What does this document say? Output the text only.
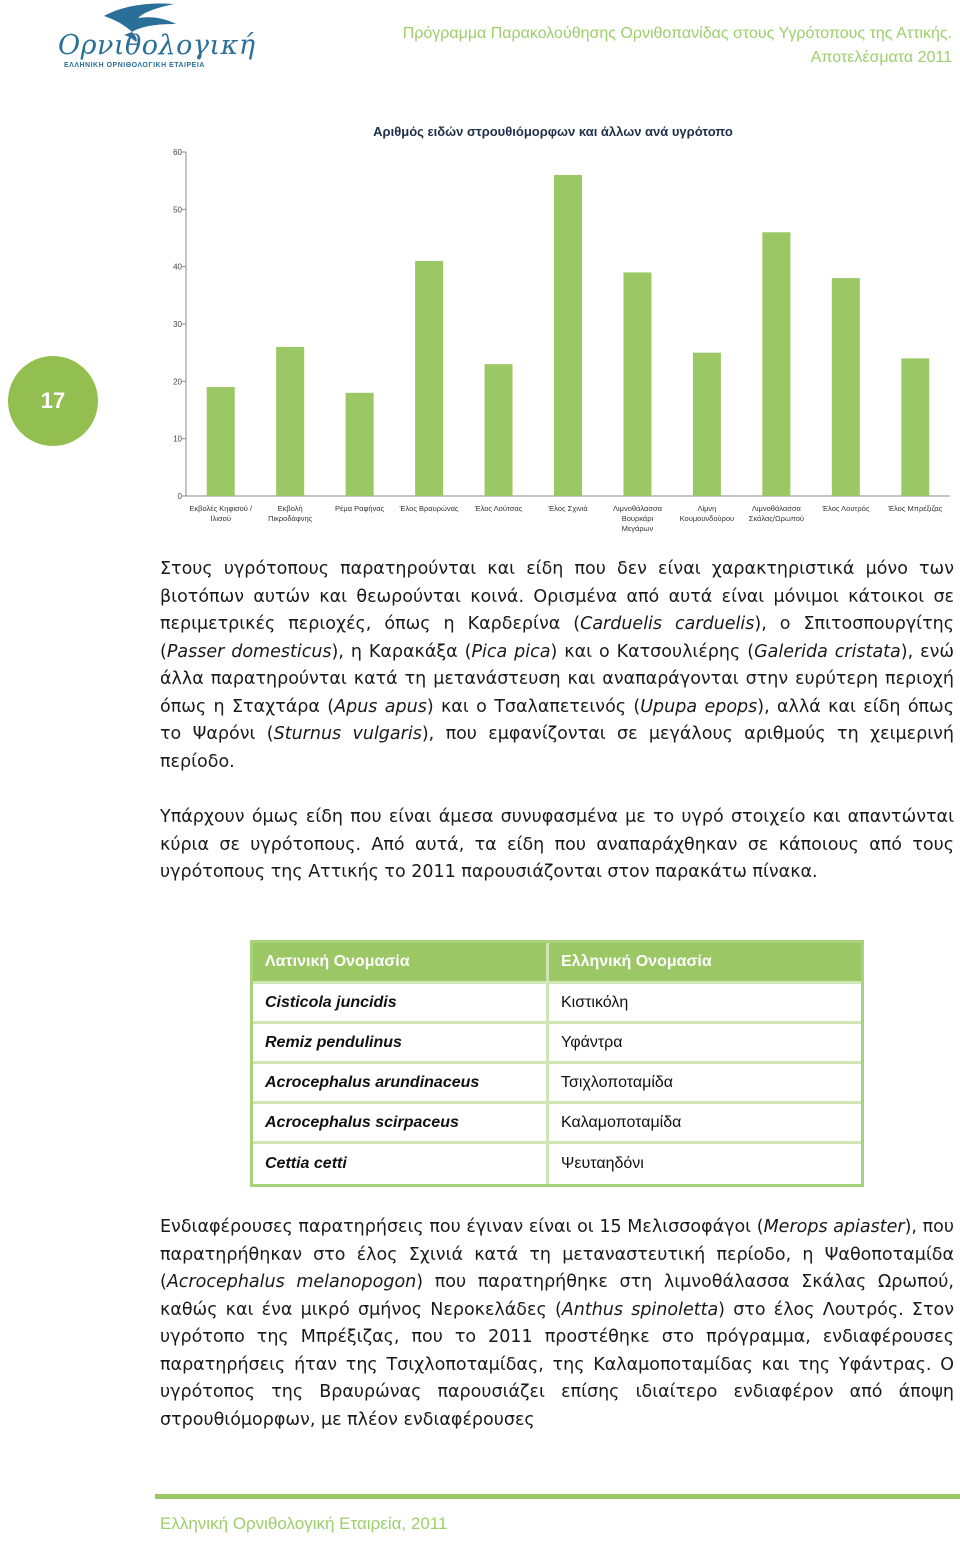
Ορνιθολογική
ΕΛΛΗΝΙΚΗ ΟΡΝΙΘΟΛΟΓΙΚΗ ΕΤΑΙΡΕΙΑ
Πρόγραμμα Παρακολούθησης Ορνιθοπανίδας στους Υγρότοπους της Αττικής.
Αποτελέσματα 2011
17
Αριθμός ειδών στρουθιόμορφων και άλλων ανά υγρότοπο
0
10
20
30
40
50
60
Εκβολές Κηφισού /
Ιλισού
Εκβολή
Πικροδάφνης
Ρέμα Ραφήνας Έλος Βραυρώνας Έλος Λούτσας	Έλος Σχινιά	Λιμνοθάλασσα
Βουρκάρι
Μεγάρων
Λίμνη
Κουμουνδούρου
Λιμνοθάλασσα
Σκάλας/Ωρωπού
Έλος Λουτρός Έλος Μπρέξιζας
Στους υγρότοπους παρατηρούνται και είδη που δεν είναι χαρακτηριστικά μόνο των βιοτόπων αυτών και θεωρούνται κοινά. Ορισμένα από αυτά είναι μόνιμοι κάτοικοι σε περιμετρικές περιοχές, όπως η Καρδερίνα (Carduelis carduelis), ο Σπιτοσπουργίτης (Passer domesticus), η Καρακάξα (Pica pica) και ο Κατσουλιέρης (Galerida cristata), ενώ άλλα παρατηρούνται κατά τη μετανάστευση και αναπαράγονται στην ευρύτερη περιοχή όπως η Σταχτάρα (Apus apus) και ο Τσαλαπετεινός (Upupa epops), αλλά και είδη όπως το Ψαρόνι (Sturnus vulgaris), που εμφανίζονται σε μεγάλους αριθμούς τη χειμερινή περίοδο.
Υπάρχουν όμως είδη που είναι άμεσα συνυφασμένα με το υγρό στοιχείο και απαντώνται κύρια σε υγρότοπους. Από αυτά, τα είδη που αναπαράχθηκαν σε κάποιους από τους υγρότοπους της Αττικής το 2011 παρουσιάζονται στον παρακάτω πίνακα.
Λατινική Ονομασία	Ελληνική Ονομασία
Cisticola juncidis	Κιστικόλη
Remiz pendulinus	Υφάντρα
Acrocephalus arundinaceus	Τσιχλοποταμίδα
Acrocephalus scirpaceus	Καλαμοποταμίδα
Cettia cetti	Ψευταηδόνι
Ενδιαφέρουσες παρατηρήσεις που έγιναν είναι οι 15 Μελισσοφάγοι (Merops apiaster), που παρατηρήθηκαν στο έλος Σχινιά κατά τη μεταναστευτική περίοδο, η Ψαθοποταμίδα (Acrocephalus melanopogon) που παρατηρήθηκε στη λιμνοθάλασσα Σκάλας Ωρωπού, καθώς και ένα μικρό σμήνος Νεροκελάδες (Anthus spinoletta) στο έλος Λουτρός. Στον υγρότοπο της Μπρέξιζας, που το 2011 προστέθηκε στο πρόγραμμα, ενδιαφέρουσες παρατηρήσεις ήταν της Τσιχλοποταμίδας, της Καλαμοποταμίδας και της Υφάντρας. Ο υγρότοπος της Βραυρώνας παρουσιάζει επίσης ιδιαίτερο ενδιαφέρον από άποψη στρουθιόμορφων, με πλέον ενδιαφέρουσες
Ελληνική Ορνιθολογική Εταιρεία, 2011
